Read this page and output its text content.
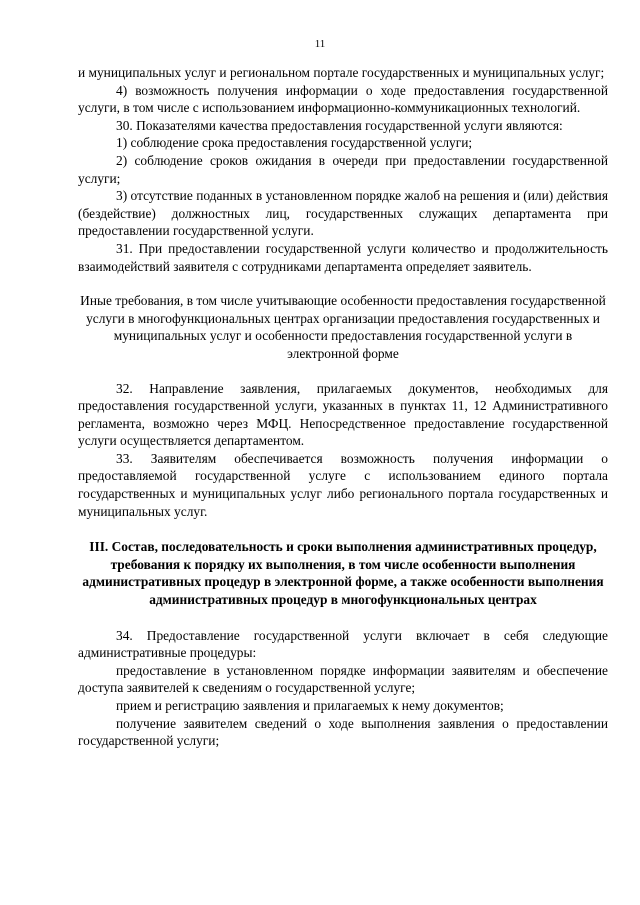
11

и муниципальных услуг и региональном портале государственных и муниципальных услуг;

4) возможность получения информации о ходе предоставления государственной услуги, в том числе с использованием информационно-коммуникационных технологий.

30. Показателями качества предоставления государственной услуги являются:

1) соблюдение срока предоставления государственной услуги;

2) соблюдение сроков ожидания в очереди при предоставлении государственной услуги;

3) отсутствие поданных в установленном порядке жалоб на решения и (или) действия (бездействие) должностных лиц, государственных служащих департамента при предоставлении государственной услуги.

31. При предоставлении государственной услуги количество и продолжительность взаимодействий заявителя с сотрудниками департамента определяет заявитель.

Иные требования, в том числе учитывающие особенности предоставления государственной услуги в многофункциональных центрах организации предоставления государственных и муниципальных услуг и особенности предоставления государственной услуги в электронной форме

32. Направление заявления, прилагаемых документов, необходимых для предоставления государственной услуги, указанных в пунктах 11, 12 Административного регламента, возможно через МФЦ. Непосредственное предоставление государственной услуги осуществляется департаментом.

33. Заявителям обеспечивается возможность получения информации о предоставляемой государственной услуге с использованием единого портала государственных и муниципальных услуг либо регионального портала государственных и муниципальных услуг.

III. Состав, последовательность и сроки выполнения административных процедур, требования к порядку их выполнения, в том числе особенности выполнения административных процедур в электронной форме, а также особенности выполнения административных процедур в многофункциональных центрах

34. Предоставление государственной услуги включает в себя следующие административные процедуры:

предоставление в установленном порядке информации заявителям и обеспечение доступа заявителей к сведениям о государственной услуге;

прием и регистрацию заявления и прилагаемых к нему документов;

получение заявителем сведений о ходе выполнения заявления о предоставлении государственной услуги;
